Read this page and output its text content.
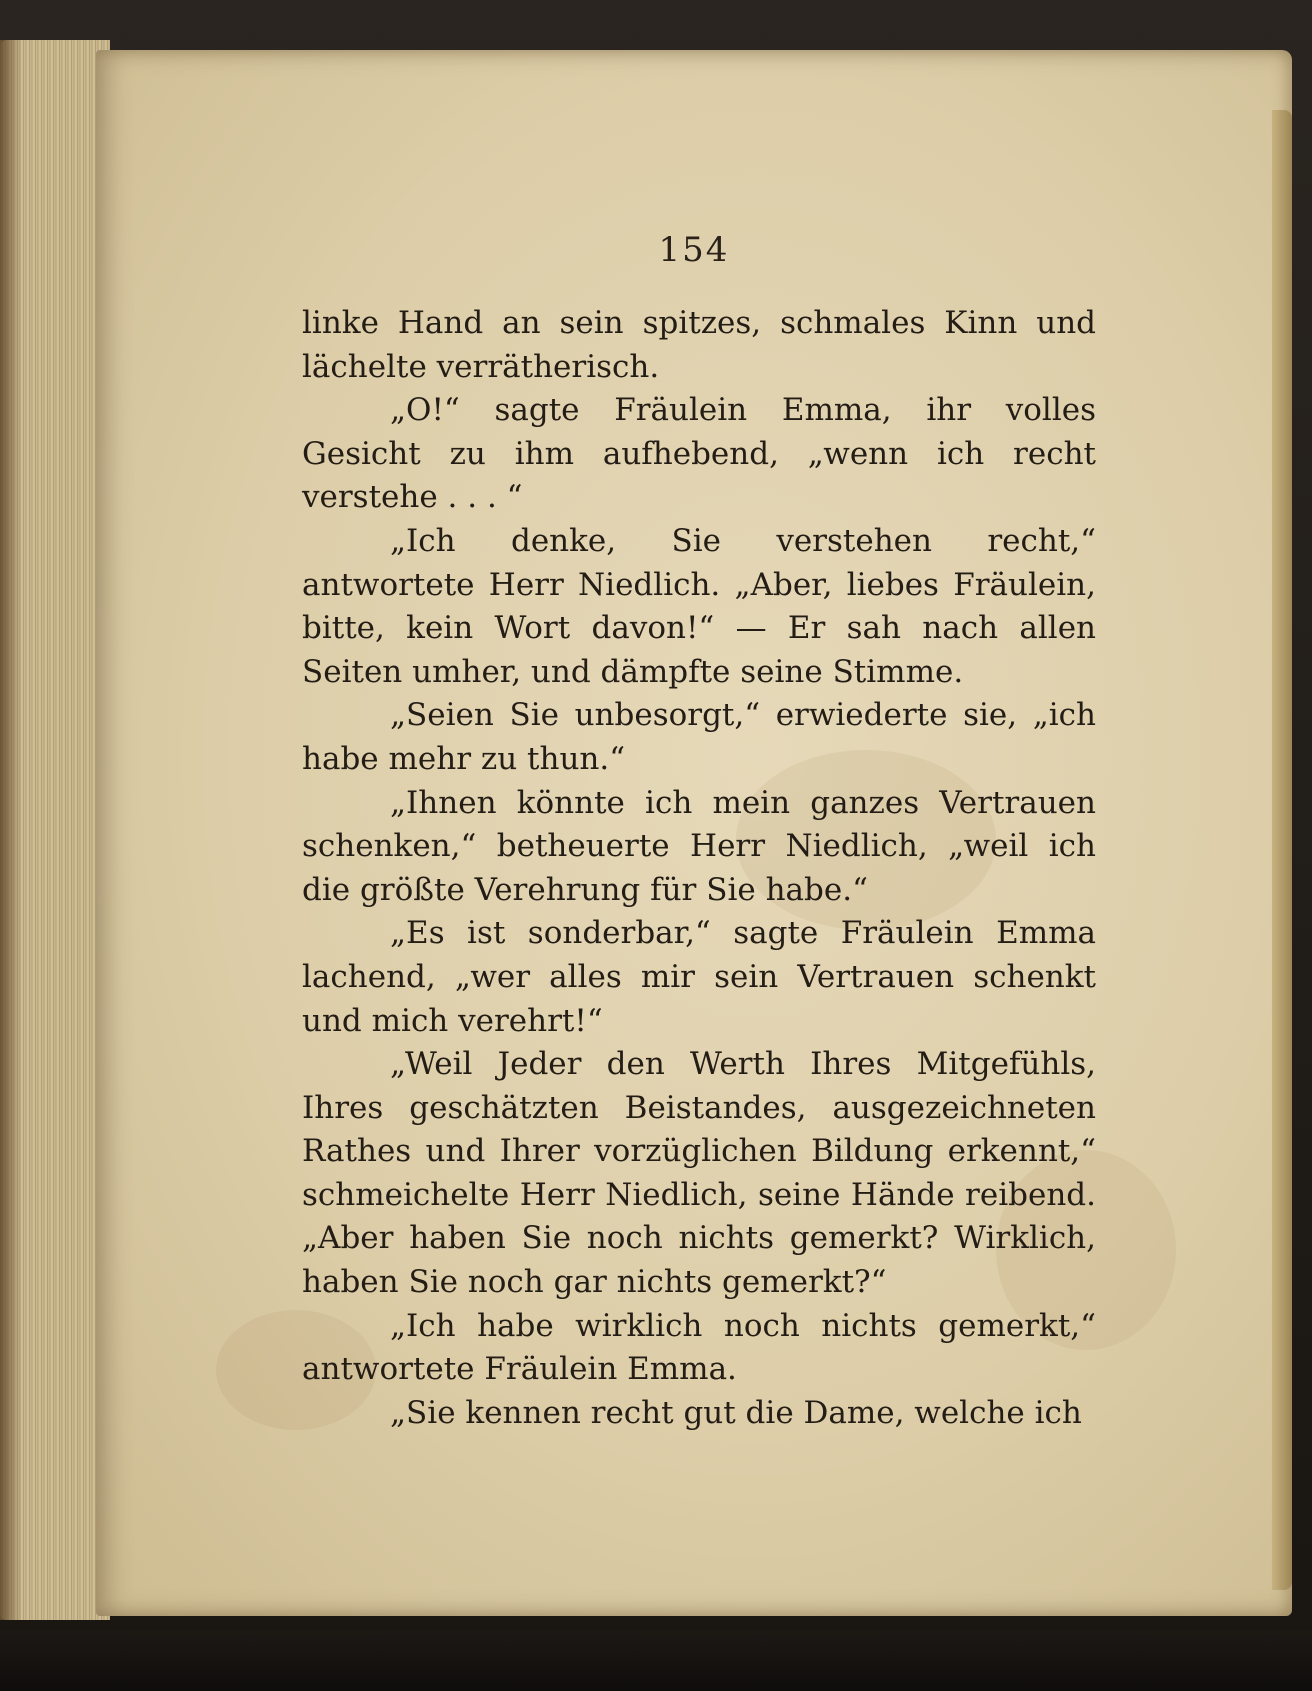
154

linke Hand an sein spitzes, schmales Kinn und lächelte verrätherisch.

„O!“ sagte Fräulein Emma, ihr volles Gesicht zu ihm aufhebend, „wenn ich recht verstehe . . . “

„Ich denke, Sie verstehen recht,“ antwortete Herr Niedlich. „Aber, liebes Fräulein, bitte, kein Wort davon!“ — Er sah nach allen Seiten umher, und dämpfte seine Stimme.

„Seien Sie unbesorgt,“ erwiederte sie, „ich habe mehr zu thun.“

„Ihnen könnte ich mein ganzes Vertrauen schenken,“ betheuerte Herr Niedlich, „weil ich die größte Verehrung für Sie habe.“

„Es ist sonderbar,“ sagte Fräulein Emma lachend, „wer alles mir sein Vertrauen schenkt und mich verehrt!“

„Weil Jeder den Werth Ihres Mitgefühls, Ihres geschätzten Beistandes, ausgezeichneten Rathes und Ihrer vorzüglichen Bildung erkennt,“ schmeichelte Herr Niedlich, seine Hände reibend. „Aber haben Sie noch nichts gemerkt? Wirklich, haben Sie noch gar nichts gemerkt?“

„Ich habe wirklich noch nichts gemerkt,“ antwortete Fräulein Emma.

„Sie kennen recht gut die Dame, welche ich
